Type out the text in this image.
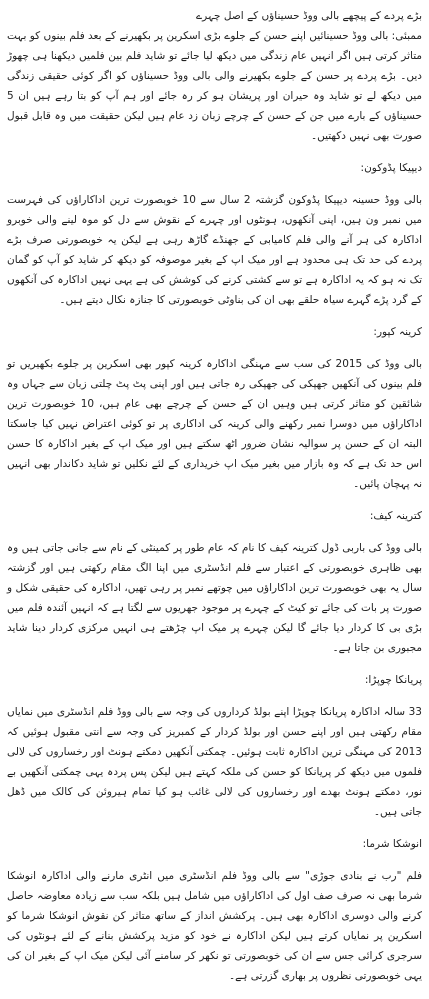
بڑے پردے کے پیچھے بالی ووڈ حسیناؤں کے اصل چہرے

ممبئی: بالی ووڈ حسینائیں اپنے حسن کے جلوے بڑی اسکرین پر بکھیرنے کے بعد فلم بینوں کو بہت متاثر کرتی ہیں اگر انہیں عام زندگی میں دیکھ لیا جائے تو شاید فلم بین فلمیں دیکھنا ہی چھوڑ دیں۔ بڑے پردے پر حسن کے جلوے بکھیرنے والی بالی ووڈ حسیناؤں کو اگر کوئی حقیقی زندگی میں دیکھ لے تو شاید وہ حیران اور پریشان ہو کر رہ جائے اور ہم آپ کو بتا رہے ہیں ان 5 حسیناؤں کے بارے میں جن کے حسن کے چرچے زبان زد عام ہیں لیکن حقیقت میں وہ قابل قبول صورت بھی نہیں دکھتیں۔

دیپیکا پڈوکون:

بالی ووڈ حسینہ دیپیکا پڈوکون گزشتہ 2 سال سے 10 خوبصورت ترین اداکاراؤں کی فہرست میں نمبر ون ہیں، اپنی آنکھوں، ہونٹوں اور چہرے کے نقوش سے دل کو موہ لینے والی خوبرو اداکارہ کی ہر آنے والی فلم کامیابی کے جھنڈے گاڑھ رہی ہے لیکن یہ خوبصورتی صرف بڑے پردے کی حد تک ہی محدود ہے اور میک اپ کے بغیر موصوفہ کو دیکھ کر شاید کو آپ کو گمان تک نہ ہو کہ یہ اداکارہ ہے تو سے کشتی کرنے کی کوشش کی ہے یہی نہیں اداکارہ کی آنکھوں کے گرد پڑے گہرے سیاہ حلقے بھی ان کی بناوٹی خوبصورتی کا جنازہ نکال دیتے ہیں۔

کرینہ کپور:

بالی ووڈ کی 2015 کی سب سے مہنگی اداکارہ کرینہ کپور بھی اسکرین پر جلوے بکھیریں تو فلم بینوں کی آنکھیں جھپکی کی جھپکی رہ جاتی ہیں اور اپنی پٹ پٹ چلتی زبان سے جہاں وہ شائقین کو متاثر کرتی ہیں وہیں ان کے حسن کے چرچے بھی عام ہیں، 10 خوبصورت ترین اداکاراؤں میں دوسرا نمبر رکھنے والی کرینہ کی اداکاری پر تو کوئی اعتراض نہیں کیا جاسکتا البتہ ان کے حسن پر سوالیہ نشان ضرور اٹھ سکتے ہیں اور میک اپ کے بغیر اداکارہ کا حسن اس حد تک ہے کہ وہ بازار میں بغیر میک اپ خریداری کے لئے نکلیں تو شاید دکاندار بھی انہیں نہ پہچان پائیں۔

کترینہ کیف:

بالی ووڈ کی باربی ڈول کترینہ کیف کا نام کہ عام طور پر کمینٹی کے نام سے جانی جاتی ہیں وہ بھی ظاہری خوبصورتی کے اعتبار سے فلم انڈسٹری میں اپنا الگ مقام رکھتی ہیں اور گزشتہ سال یہ بھی خوبصورت ترین اداکاراؤں میں چوتھے نمبر پر رہی تھیں، اداکارہ کی حقیقی شکل و صورت پر بات کی جائے تو کیٹ کے چہرے پر موجود جھریوں سے لگتا ہے کہ انہیں آئندہ فلم میں بڑی بی کا کردار دیا جائے گا لیکن چہرے پر میک اپ چڑھتے ہی انہیں مرکزی کردار دینا شاید مجبوری بن جاتا ہے۔

پریانکا چوپڑا:

33 سالہ اداکارہ پریانکا چوپڑا اپنے بولڈ کرداروں کی وجہ سے بالی ووڈ فلم انڈسٹری میں نمایاں مقام رکھتی ہیں اور اپنے حسن اور بولڈ کردار کے کمبریز کی وجہ سے انتی مقبول ہوئیں کہ 2013 کی مہنگی ترین اداکارہ ثابت ہوئیں۔ چمکتی آنکھیں دمکتے ہونٹ اور رخساروں کی لالی فلموں میں دیکھ کر پریانکا کو حسن کی ملکہ کہتے ہیں لیکن پس پردہ یہی چمکتی آنکھیں بے نور، دمکتے ہونٹ بھدے اور رخساروں کی لالی غائب ہو کیا تمام ہیروئن کی کالک میں ڈھل جاتی ہیں۔

انوشکا شرما:

فلم "رب نے بنادی جوڑی" سے بالی ووڈ فلم انڈسٹری میں انٹری مارنے والی اداکارہ انوشکا شرما بھی نہ صرف صف اول کی اداکاراؤں میں شامل ہیں بلکہ سب سے زیادہ معاوضہ حاصل کرنے والی دوسری اداکارہ بھی ہیں۔ پرکشش انداز کے ساتھ متاثر کن نقوش انوشکا شرما کو اسکرین پر نمایاں کرتے ہیں لیکن اداکارہ نے خود کو مزید پرکشش بنانے کے لئے ہونٹوں کی سرجری کرائی جس سے ان کی خوبصورتی تو نکھر کر سامنے آئی لیکن میک اپ کے بغیر ان کی یہی خوبصورتی نظروں پر بھاری گزرتی ہے۔
